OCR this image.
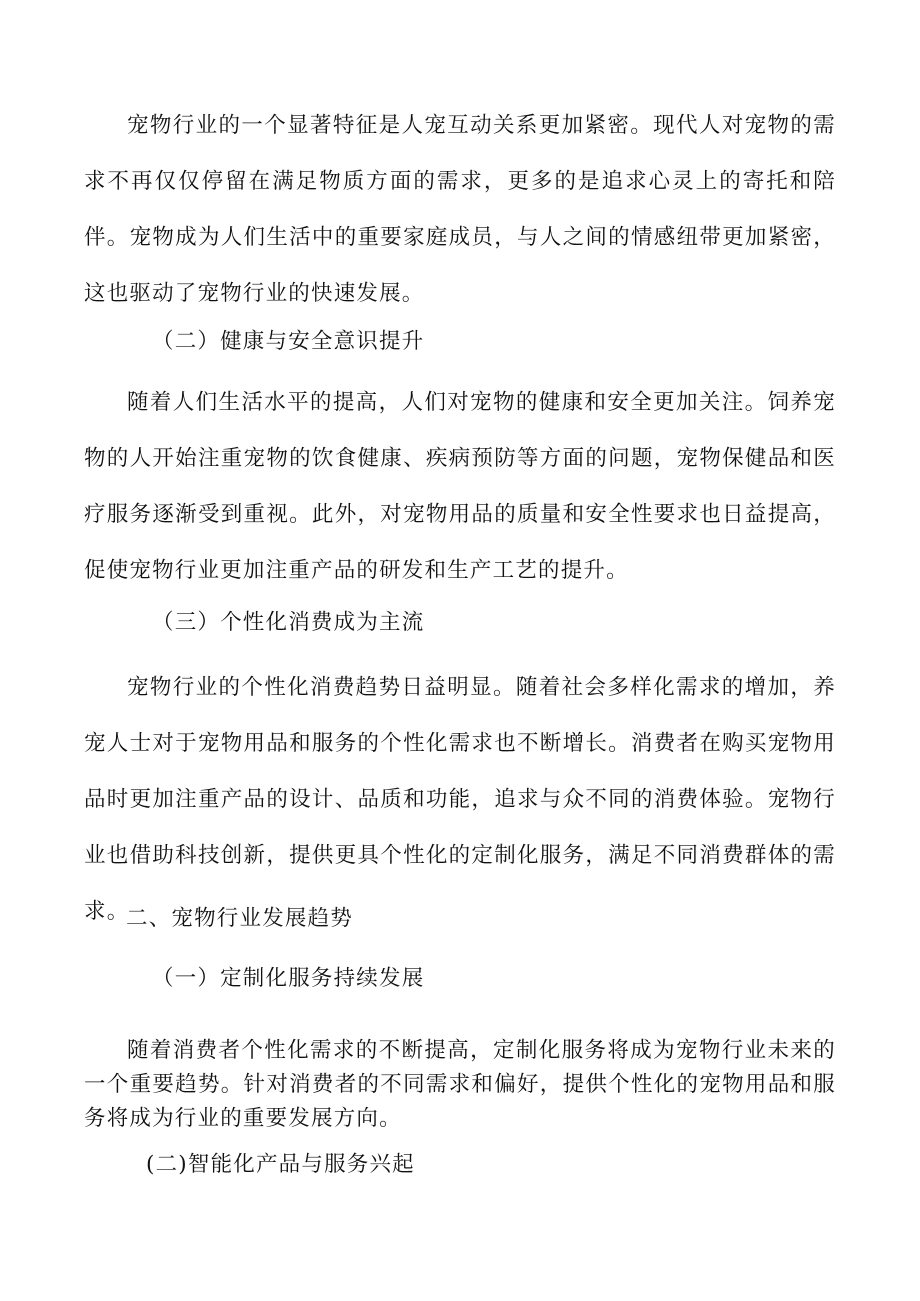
宠物行业的一个显著特征是人宠互动关系更加紧密。现代人对宠物的需求不再仅仅停留在满足物质方面的需求，更多的是追求心灵上的寄托和陪伴。宠物成为人们生活中的重要家庭成员，与人之间的情感纽带更加紧密，这也驱动了宠物行业的快速发展。

（二）健康与安全意识提升

随着人们生活水平的提高，人们对宠物的健康和安全更加关注。饲养宠物的人开始注重宠物的饮食健康、疾病预防等方面的问题，宠物保健品和医疗服务逐渐受到重视。此外，对宠物用品的质量和安全性要求也日益提高，促使宠物行业更加注重产品的研发和生产工艺的提升。

（三）个性化消费成为主流

宠物行业的个性化消费趋势日益明显。随着社会多样化需求的增加，养宠人士对于宠物用品和服务的个性化需求也不断增长。消费者在购买宠物用品时更加注重产品的设计、品质和功能，追求与众不同的消费体验。宠物行业也借助科技创新，提供更具个性化的定制化服务，满足不同消费群体的需求。

二、宠物行业发展趋势

（一）定制化服务持续发展

随着消费者个性化需求的不断提高，定制化服务将成为宠物行业未来的一个重要趋势。针对消费者的不同需求和偏好，提供个性化的宠物用品和服务将成为行业的重要发展方向。

(二)智能化产品与服务兴起
